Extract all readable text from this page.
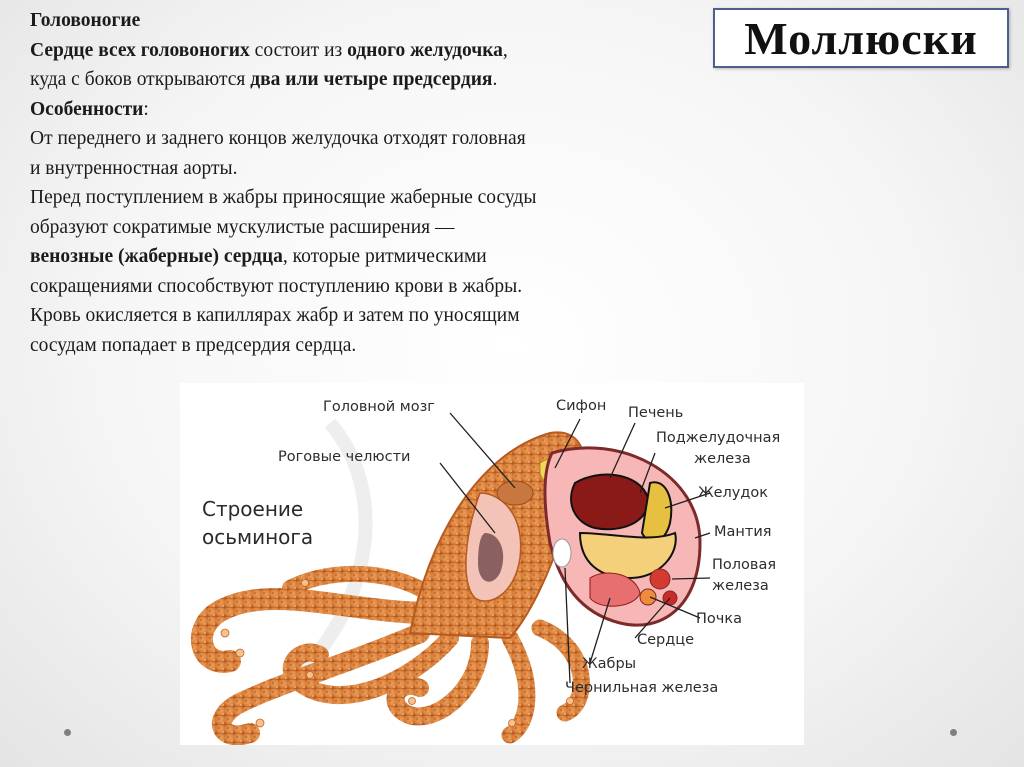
Головоногие

Сердце всех головоногих состоит из одного желудочка,

куда с боков открываются два или четыре предсердия.

Особенности:

От переднего и заднего концов желудочка отходят головная

и внутренностная аорты.

Перед поступлением в жабры приносящие жаберные сосуды

образуют сократимые мускулистые расширения —

венозные (жаберные) сердца, которые ритмическими

сокращениями способствуют поступлению крови в жабры.

Кровь окисляется в капиллярах жабр и затем по уносящим

сосудам попадает в предсердия сердца.

Моллюски
Строение
осьминога
Головной мозг
Роговые челюсти
Сифон Печень
Поджелудочная
железа
Желудок
Мантия
Половая
железа
Почка
Сердце
Жабры
Чернильная железа
